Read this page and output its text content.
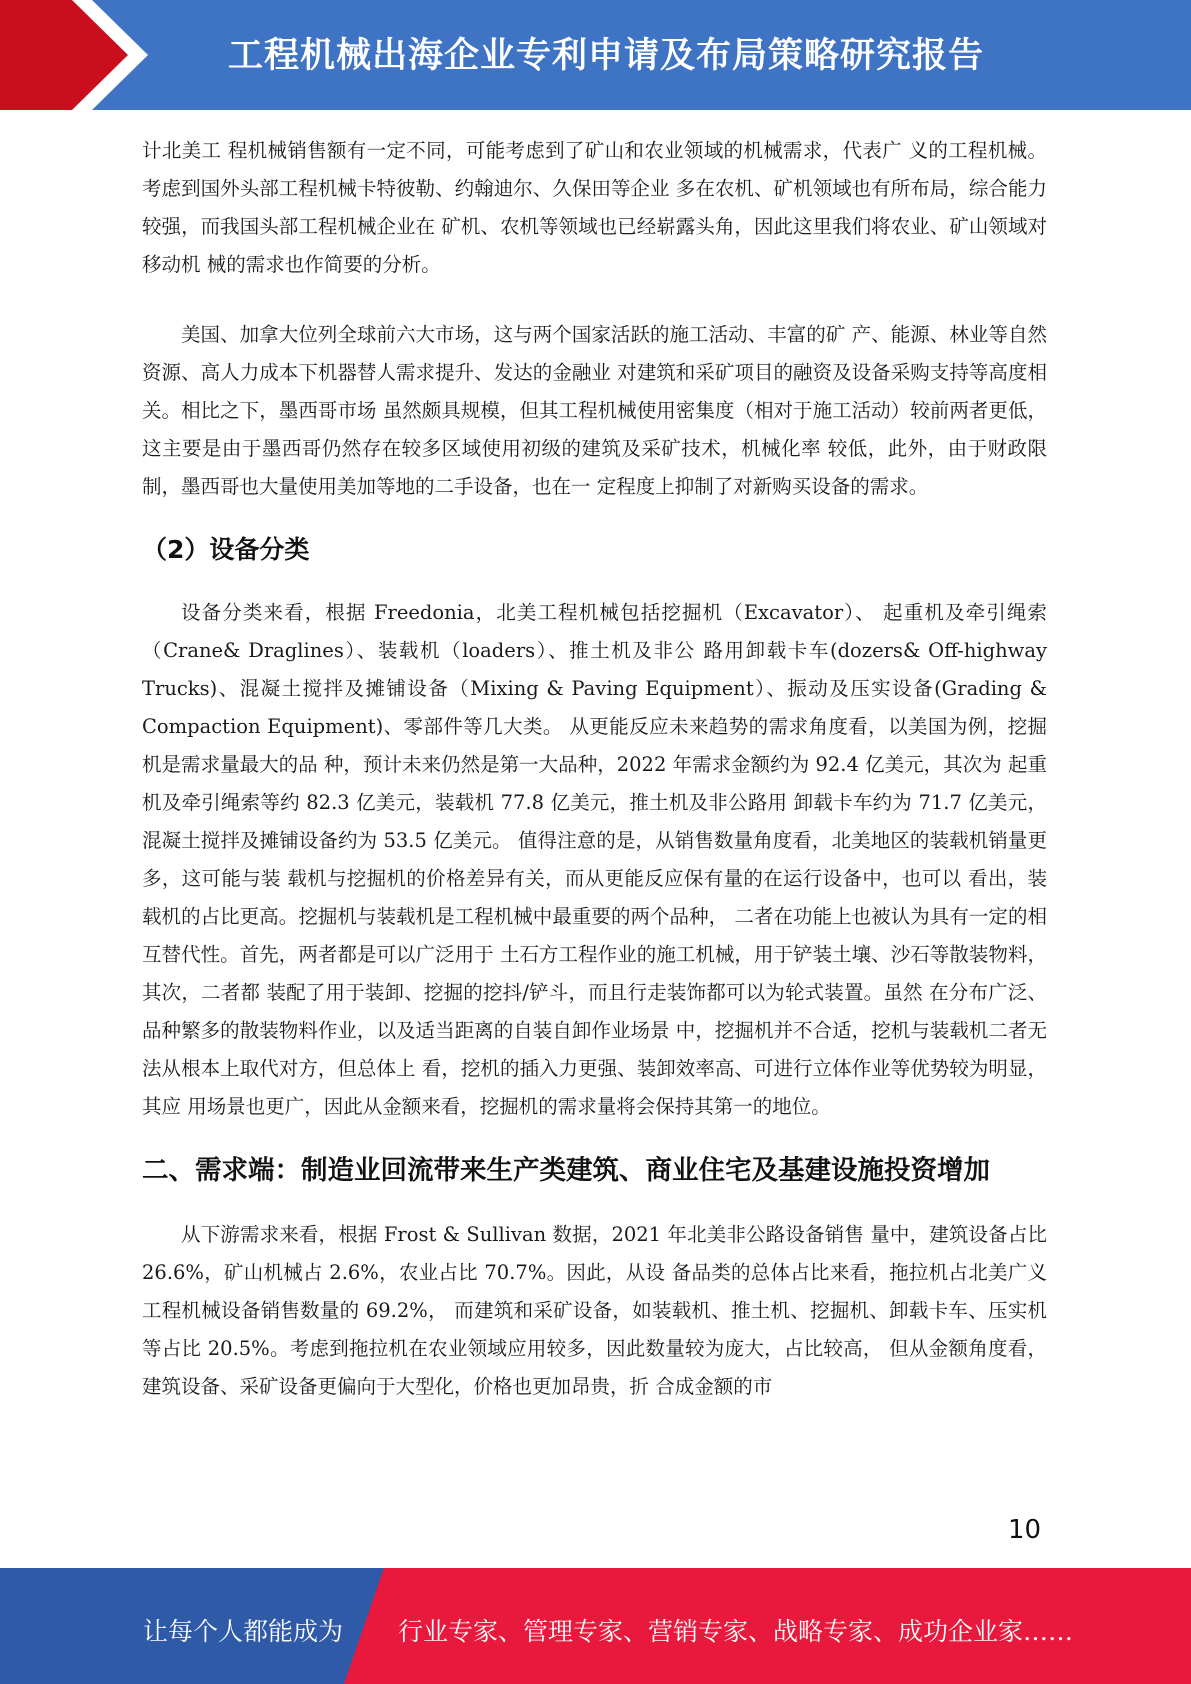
工程机械出海企业专利申请及布局策略研究报告

计北美工 程机械销售额有一定不同，可能考虑到了矿山和农业领域的机械需求，代表广 义的工程机械。考虑到国外头部工程机械卡特彼勒、约翰迪尔、久保田等企业 多在农机、矿机领域也有所布局，综合能力较强，而我国头部工程机械企业在 矿机、农机等领域也已经崭露头角，因此这里我们将农业、矿山领域对移动机 械的需求也作简要的分析。

美国、加拿大位列全球前六大市场，这与两个国家活跃的施工活动、丰富的矿 产、能源、林业等自然资源、高人力成本下机器替人需求提升、发达的金融业 对建筑和采矿项目的融资及设备采购支持等高度相关。相比之下，墨西哥市场 虽然颇具规模，但其工程机械使用密集度（相对于施工活动）较前两者更低， 这主要是由于墨西哥仍然存在较多区域使用初级的建筑及采矿技术，机械化率 较低，此外，由于财政限制，墨西哥也大量使用美加等地的二手设备，也在一 定程度上抑制了对新购买设备的需求。

（2）设备分类

设备分类来看，根据 Freedonia，北美工程机械包括挖掘机（Excavator）、 起重机及牵引绳索（Crane& Draglines）、装载机（loaders）、推土机及非公 路用卸载卡车(dozers& Off-highway Trucks)、混凝土搅拌及摊铺设备（Mixing & Paving Equipment）、振动及压实设备(Grading & Compaction Equipment)、零部件等几大类。 从更能反应未来趋势的需求角度看，以美国为例，挖掘机是需求量最大的品 种，预计未来仍然是第一大品种，2022 年需求金额约为 92.4 亿美元，其次为 起重机及牵引绳索等约 82.3 亿美元，装载机 77.8 亿美元，推土机及非公路用 卸载卡车约为 71.7 亿美元，混凝土搅拌及摊铺设备约为 53.5 亿美元。 值得注意的是，从销售数量角度看，北美地区的装载机销量更多，这可能与装 载机与挖掘机的价格差异有关，而从更能反应保有量的在运行设备中，也可以 看出，装载机的占比更高。挖掘机与装载机是工程机械中最重要的两个品种， 二者在功能上也被认为具有一定的相互替代性。首先，两者都是可以广泛用于 土石方工程作业的施工机械，用于铲装土壤、沙石等散装物料，其次，二者都 装配了用于装卸、挖掘的挖抖/铲斗，而且行走装饰都可以为轮式装置。虽然 在分布广泛、品种繁多的散装物料作业，以及适当距离的自装自卸作业场景 中，挖掘机并不合适，挖机与装载机二者无法从根本上取代对方，但总体上 看，挖机的插入力更强、装卸效率高、可进行立体作业等优势较为明显，其应 用场景也更广，因此从金额来看，挖掘机的需求量将会保持其第一的地位。

二、需求端：制造业回流带来生产类建筑、商业住宅及基建设施投资增加

从下游需求来看，根据 Frost & Sullivan 数据，2021 年北美非公路设备销售 量中，建筑设备占比 26.6%，矿山机械占 2.6%，农业占比 70.7%。因此，从设 备品类的总体占比来看，拖拉机占北美广义工程机械设备销售数量的 69.2%， 而建筑和采矿设备，如装载机、推土机、挖掘机、卸载卡车、压实机等占比 20.5%。考虑到拖拉机在农业领域应用较多，因此数量较为庞大，占比较高， 但从金额角度看，建筑设备、采矿设备更偏向于大型化，价格也更加昂贵，折 合成金额的市

10
让每个人都能成为 行业专家、管理专家、营销专家、战略专家、成功企业家……
